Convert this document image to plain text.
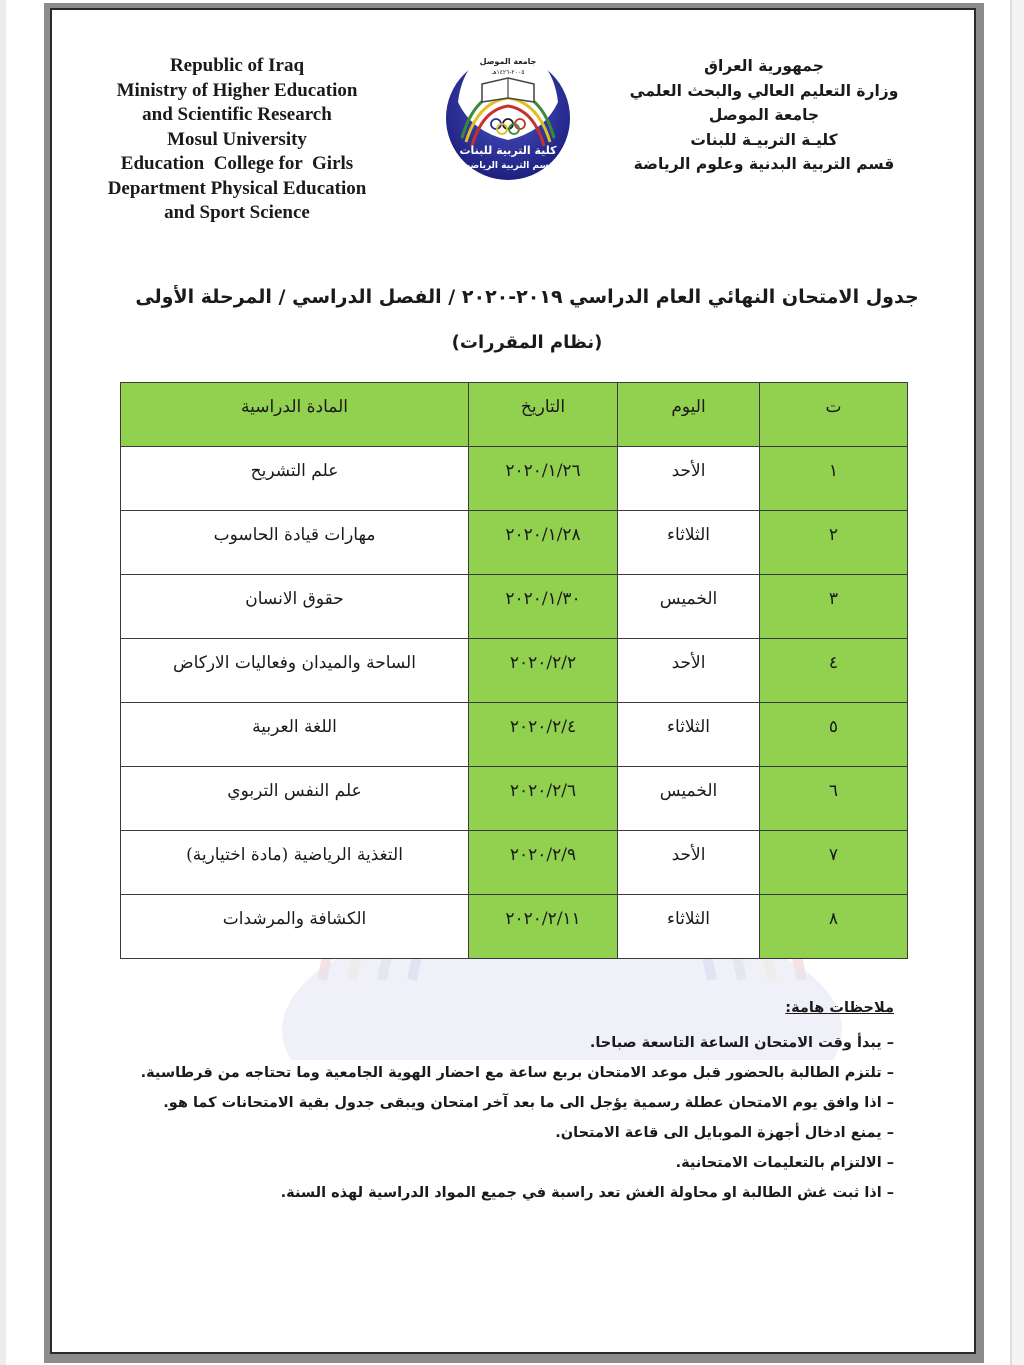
Republic of Iraq
Ministry of Higher Education
and Scientific Research
Mosul University
Education  College for  Girls
Department Physical Education
and Sport Science
جامعة الموصل
٢٠٠٥-١٤٢٦هـ
كلية التربية للبنات
قسم التربية الرياضية
جمهورية العراق
وزارة التعليم العالي والبحث العلمي
جامعة الموصل
كليـة التربيـة للبنات
قسم التربية البدنية وعلوم الرياضة
جدول الامتحان النهائي العام الدراسي ٢٠١٩-٢٠٢٠ / الفصل الدراسي / المرحلة الأولى
(نظام المقررات)
ت	اليوم	التاريخ	المادة الدراسية
١	الأحد	٢٠٢٠/١/٢٦	علم التشريح
٢	الثلاثاء	٢٠٢٠/١/٢٨	مهارات قيادة الحاسوب
٣	الخميس	٢٠٢٠/١/٣٠	حقوق الانسان
٤	الأحد	٢٠٢٠/٢/٢	الساحة والميدان وفعاليات الاركاض
٥	الثلاثاء	٢٠٢٠/٢/٤	اللغة العربية
٦	الخميس	٢٠٢٠/٢/٦	علم النفس التربوي
٧	الأحد	٢٠٢٠/٢/٩	التغذية الرياضية (مادة اختيارية)
٨	الثلاثاء	٢٠٢٠/٢/١١	الكشافة والمرشدات
ملاحظات هامة:
– يبدأ وقت الامتحان الساعة التاسعة صباحا.
– تلتزم الطالبة بالحضور قبل موعد الامتحان بربع ساعة مع احضار الهوية الجامعية وما تحتاجه من قرطاسية.
– اذا وافق يوم الامتحان عطلة رسمية يؤجل الى ما بعد آخر امتحان ويبقى جدول بقية الامتحانات كما هو.
– يمنع ادخال أجهزة الموبايل الى قاعة الامتحان.
– الالتزام بالتعليمات الامتحانية.
– اذا ثبت غش الطالبة او محاولة الغش تعد راسبة في جميع المواد الدراسية لهذه السنة.
